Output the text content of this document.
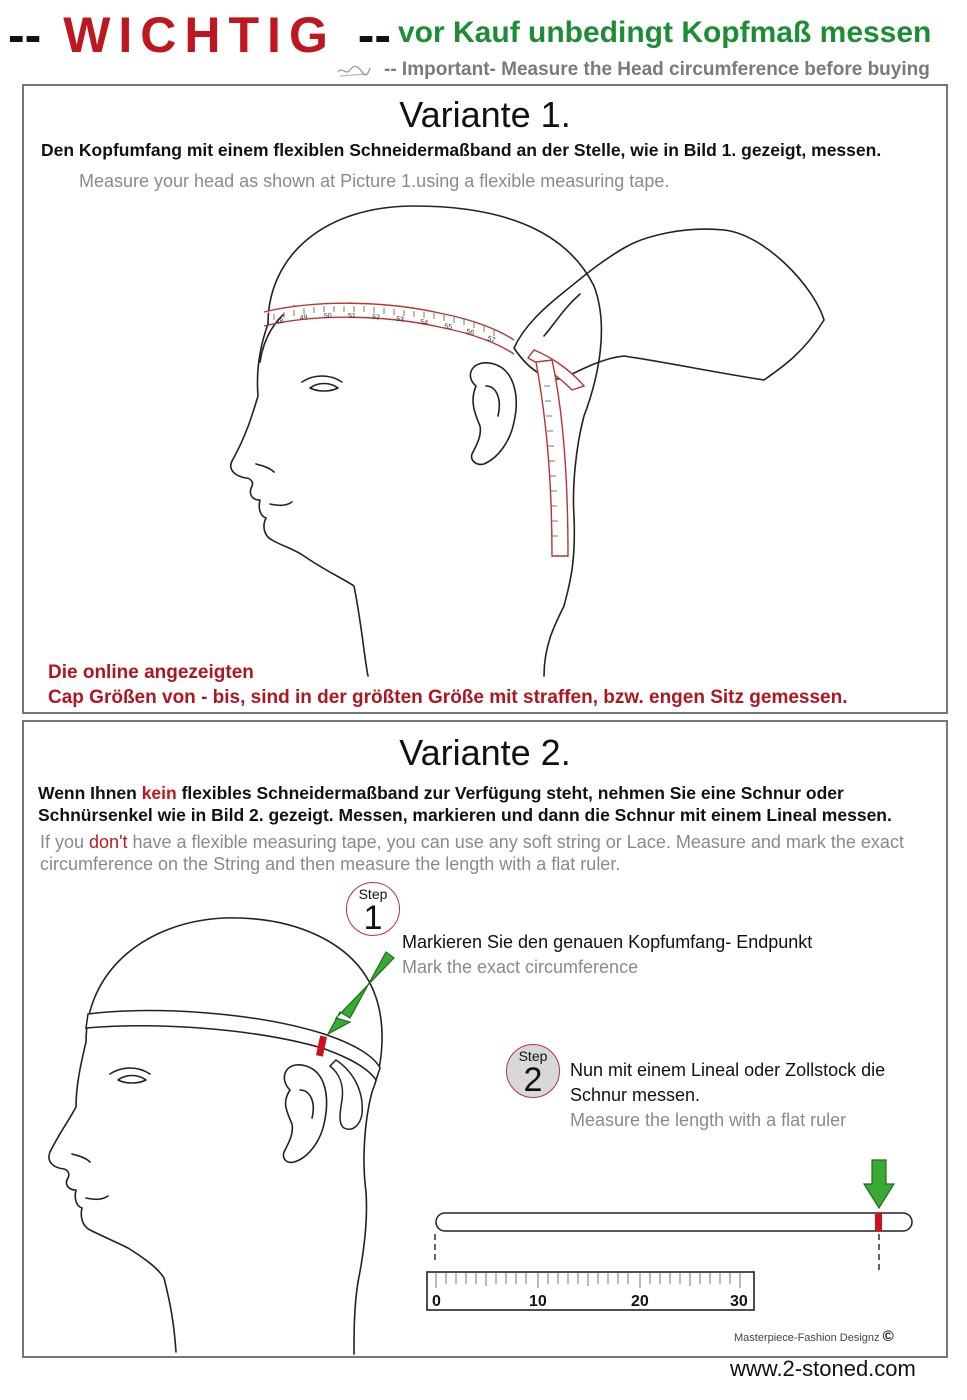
-- WICHTIG -- vor Kauf unbedingt Kopfmaß messen
-- Important- Measure the Head circumference before buying
Variante 1.
Den Kopfumfang mit einem flexiblen Schneidermaßband an der Stelle, wie in Bild 1. gezeigt, messen.
Measure your head as shown at Picture 1.using a flexible measuring tape.
48 49 50 51 52 53 54
55
56
57
Die online angezeigten
Cap Größen von - bis, sind in der größten Größe mit straffen, bzw. engen Sitz gemessen.
Variante 2.
Wenn Ihnen kein flexibles Schneidermaßband zur Verfügung steht, nehmen Sie eine Schnur oder
Schnürsenkel wie in Bild 2. gezeigt. Messen, markieren und dann die Schnur mit einem Lineal messen.
If you don't have a flexible measuring tape, you can use any soft string or Lace. Measure and mark the exact
circumference on the String and then measure the length with a flat ruler.
Step
1
Markieren Sie den genauen Kopfumfang- Endpunkt
Mark the exact circumference
Step
2	Nun mit einem Lineal oder Zollstock die
Schnur messen.
Measure the length with a flat ruler
0	10	20	30
Masterpiece-Fashion Designz ©
www.2-stoned.com
